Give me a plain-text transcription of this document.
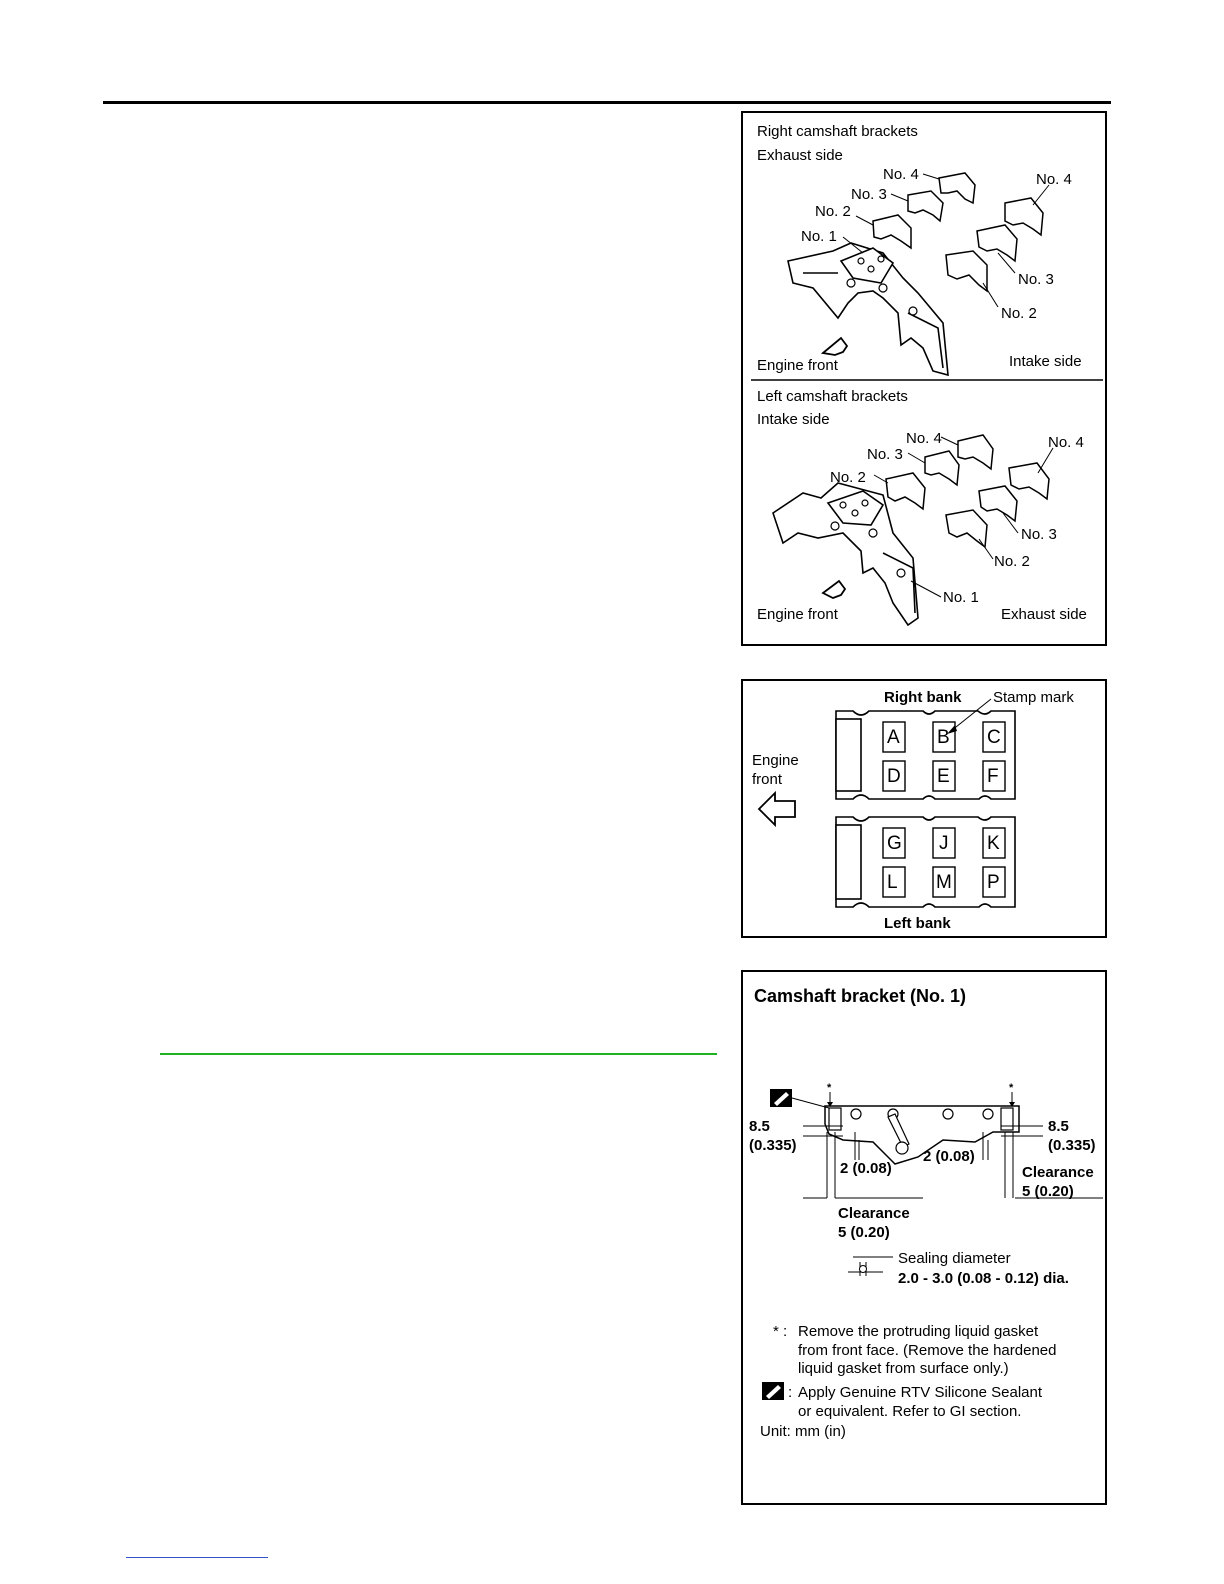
Right camshaft brackets
Exhaust side
No. 4
No. 3
No. 2
No. 1
No. 4
No. 3
No. 2
Engine front	Intake side
Left camshaft brackets
Intake side
No. 4
No. 3
No. 2
No. 4
No. 3
No. 2
No. 1
Engine front	Exhaust side
Right bank Stamp mark
Engine
front
Left bank
A B C
D E F
G J K
L M P
Camshaft bracket (No. 1)
*	*
8.5
(0.335)
8.5
(0.335)
2 (0.08)
2 (0.08)
Clearance
5 (0.20)
Clearance
5 (0.20)
Sealing diameter
2.0 - 3.0 (0.08 - 0.12) dia.
* : Remove the protruding liquid gasket
from front face. (Remove the hardened
liquid gasket from surface only.)
: Apply Genuine RTV Silicone Sealant
or equivalent. Refer to GI section.
Unit: mm (in)
